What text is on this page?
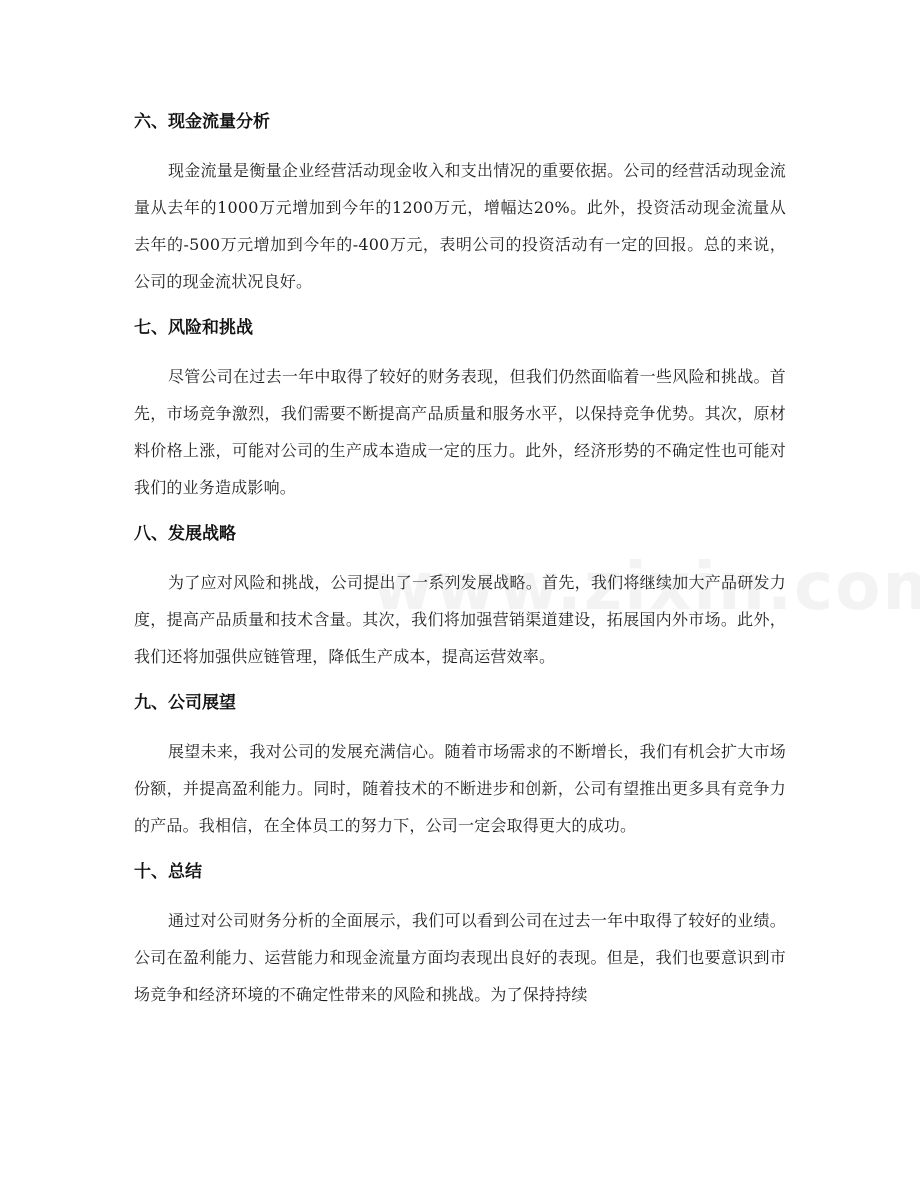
六、现金流量分析

现金流量是衡量企业经营活动现金收入和支出情况的重要依据。公司的经营活动现金流量从去年的1000万元增加到今年的1200万元，增幅达20%。此外，投资活动现金流量从去年的-500万元增加到今年的-400万元，表明公司的投资活动有一定的回报。总的来说，公司的现金流状况良好。

七、风险和挑战

尽管公司在过去一年中取得了较好的财务表现，但我们仍然面临着一些风险和挑战。首先，市场竞争激烈，我们需要不断提高产品质量和服务水平，以保持竞争优势。其次，原材料价格上涨，可能对公司的生产成本造成一定的压力。此外，经济形势的不确定性也可能对我们的业务造成影响。

八、发展战略

为了应对风险和挑战，公司提出了一系列发展战略。首先，我们将继续加大产品研发力度，提高产品质量和技术含量。其次，我们将加强营销渠道建设，拓展国内外市场。此外，我们还将加强供应链管理，降低生产成本，提高运营效率。

九、公司展望

展望未来，我对公司的发展充满信心。随着市场需求的不断增长，我们有机会扩大市场份额，并提高盈利能力。同时，随着技术的不断进步和创新，公司有望推出更多具有竞争力的产品。我相信，在全体员工的努力下，公司一定会取得更大的成功。

十、总结

通过对公司财务分析的全面展示，我们可以看到公司在过去一年中取得了较好的业绩。公司在盈利能力、运营能力和现金流量方面均表现出良好的表现。但是，我们也要意识到市场竞争和经济环境的不确定性带来的风险和挑战。为了保持持续
